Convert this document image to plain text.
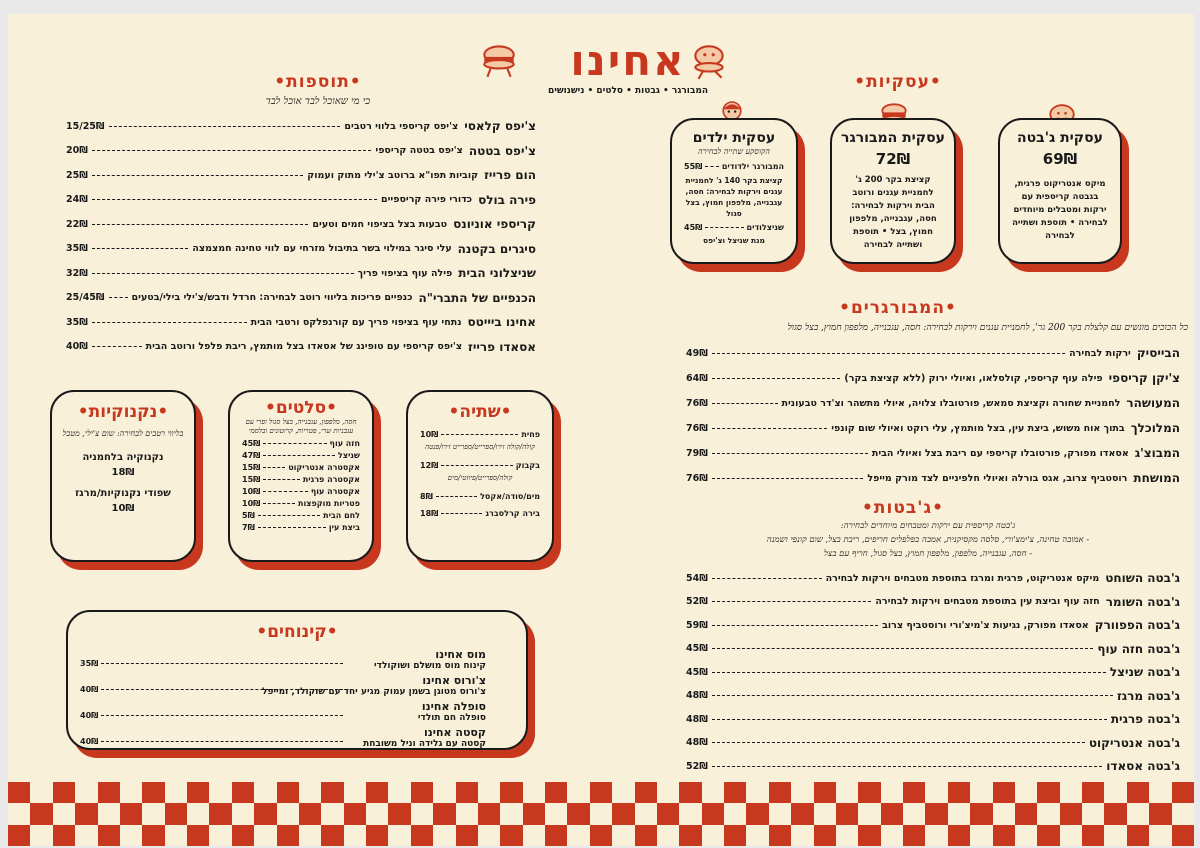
אחינו
המבורגר • גבטות • סלטים • נישנושים
•תוספות•
כי מי שאוכל לבד אוכל לבד
צ'יפס קלאסי
צ'יפס קריספי בלווי רטבים
15/25₪
צ'יפס בטטה
צ'יפס בטטה קריספי
20₪
הום פרייז
קוביות תפו"א ברוטב צ'ילי מתוק ועמוק
25₪
פירה בולס
כדורי פירה קריספיים
24₪
קריספי אוניונס
טבעות בצל בציפוי חמים וטעים
22₪
סיגרים בקטנה
עלי סיגר במילוי בשר בתיבול מזרחי עם לווי טחינה חמצמצה
35₪
שניצלוני הבית
פילה עוף בציפוי פריך
32₪
הכנפיים של התברי"ה
כנפיים פריכות בליווי רוטב לבחירה: חרדל ודבש/צ'ילי בילי/בטעים
25/45₪
אחינו ביייטס
נתחי עוף בציפוי פריך עם קורנפלקס ורטבי הבית
35₪
אסאדו פרייז
צ'יפס קריספי עם טופינג של אסאדו בצל מותמץ, ריבת פלפל ורוטב הבית
40₪
•עסקיות•
עסקית ג'בטה
69₪
מיקס אנטריקוט פרגית, בגבטה קריספית עם ירקות ומטבלים מיוחדים לבחירה • תוספת ושתייה לבחירה
עסקית המבורגר
72₪
קציצת בקר 200 ג' לחמניית עגנים ורוטב הבית וירקות לבחירה: חסה, עגבנייה, מלפפון חמוץ, בצל • תוספת ושתייה לבחירה
עסקית ילדים
הקוסקע שתייה לבחירה
המבורגר ילדודים
55₪
קציצת בקר 140 ג' לחמניית עגנים וירקות לבחירה: חסה, עגבנייה, מלפפון חמוץ, בצל סגול
שניצלודים
45₪
מנת שניצל וצ'יפס
•המבורגרים•
כל הכוכים מוגשים עם קלצלת בקר 200 גר', לחמניית עגנים וירקות לבחירה: חסה, עגבנייה, מלפפון חמוץ, בצל סגול
הבייסיק
ירקות לבחירה
49₪
צ'יקן קריספי
פילה עוף קריספי, קולסלאו, ואיולי ירוק (ללא קציצת בקר)
64₪
המעושהר
לחמניית שחורה וקציצת סמאש, פורטובלו צלויה, איולי מתשהר וצ'דר טבעונית
76₪
המלוכלך
בתוך אוח משוש, ביצת עין, בצל מותמץ, עלי רוקט ואיולי שום קונפי
76₪
המבוצ'ג
אסאדו מפורק, פורטובלו קריספי עם ריבת בצל ואיולי הבית
79₪
המושחת
רוסטביף צרוב, אגס בורלה ואיולי חלפיניים לצד מורק מייפל
76₪
•ג'בטות•
ג'בטה קריספית עם ירקות ומטבחים מיוחדים לבחירה:
- אמובה טחינה, צ'ימצ'ורי, סלסה מקסיקנית, אמבה בפלפלים חריפים, ריבת בצל, שום קונפי ושמנה
- חסה, עגבנייה, מלפפון, מלפפון חמוץ, בצל סגול, חריף עם בצל
ג'בטה השוחט
מיקס אנטריקוט, פרגית ומרגז בתוספת מטבחים וירקות לבחירה
54₪
ג'בטה השומר
חזה עוף וביצת עין בתוספת מטבחים וירקות לבחירה
52₪
ג'בטה הפפוורק
אסאדו מפורק, נגיעות צ'מיצ'ורי ורוסטביף צרוב
59₪
ג'בטה חזה עוף
45₪
ג'בטה שניצל
45₪
ג'בטה מרגז
48₪
ג'בטה פרגית
48₪
ג'בטה אנטריקוט
48₪
ג'בטה אסאדו
52₪
•שתיה•
פחית
10₪
קולה/קולה זירו/ספרייט/ספרייט זירו/פנטה
בקבוק
12₪
קולה/ספרייט/פיוזטי/מים
מים/סודה/אקסל
8₪
בירה קרלסברג
18₪
•סלטים•
חסה, מלפפון, עגבנייה, בצל סגול ופרי עם עגבניות שרי, פטריות, קרוטונים ובלסמי
חזה עוף
45₪
שניצל
47₪
אקסטרה אנטריקוט
15₪
אקסטרה פרגית
15₪
אקסטרה עוף
10₪
פטריות מוקפצות
10₪
לחם הבית
5₪
ביצת עין
7₪
•נקנוקיות•
בליווי רטבים לבחירה: שום צ'ילי, מטבל
נקנוקיה בלחמניה
18₪
שפודי נקנוקיות/מרגז
10₪
•קינוחים•
מוס אחינו
קינוח מוס מושלם ושוקולדי
35₪
צ'ורוס אחינו
צ'ורוס מטוגן בשמן עמוק מגיע יחד עם שוקולד, ומייפל
40₪
סופלה אחינו
סופלה חם תולדי
40₪
קסטה אחינו
קסטה עם גלידה וניל משובחת
40₪
